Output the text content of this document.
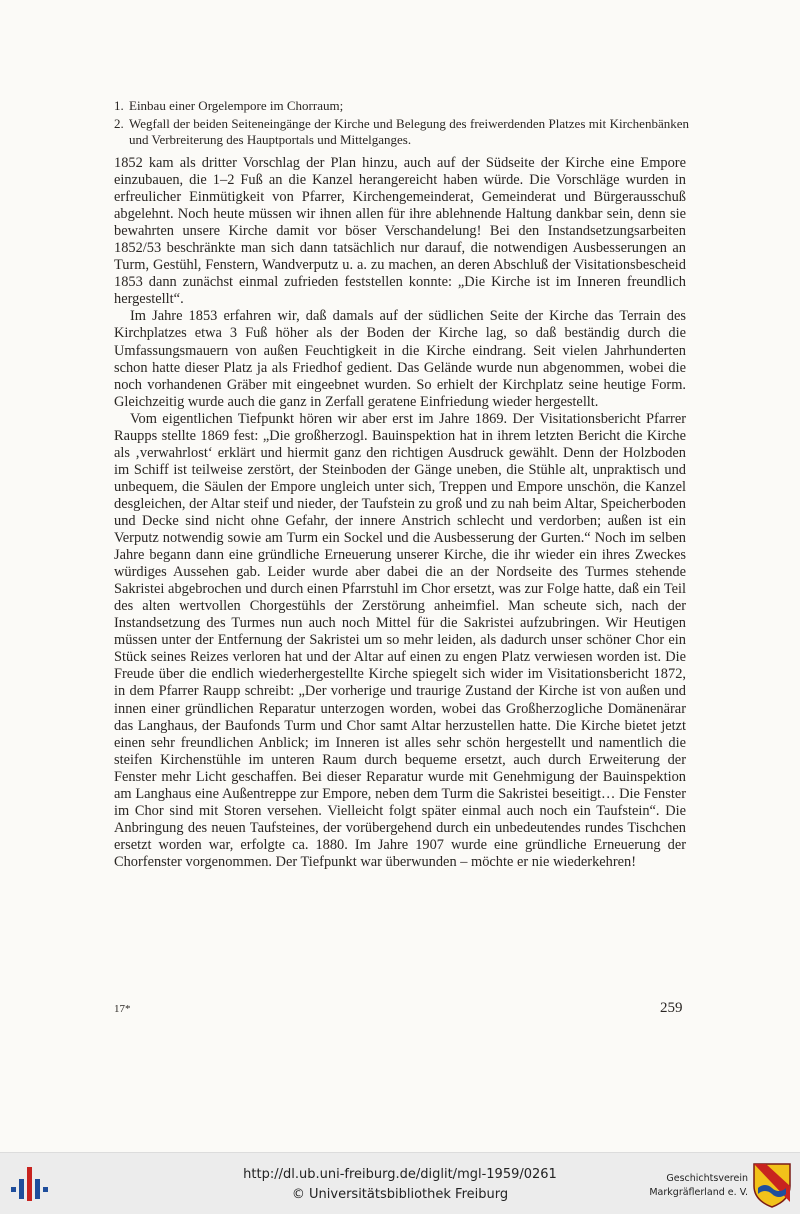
1. Einbau einer Orgelempore im Chorraum;
2. Wegfall der beiden Seiteneingänge der Kirche und Belegung des freiwerdenden Platzes mit Kirchenbänken und Verbreiterung des Hauptportals und Mittelganges.

1852 kam als dritter Vorschlag der Plan hinzu, auch auf der Südseite der Kirche eine Empore einzubauen, die 1–2 Fuß an die Kanzel herangereicht haben würde. Die Vorschläge wurden in erfreulicher Einmütigkeit von Pfarrer, Kirchengemeinderat, Gemeinderat und Bürgerausschuß abgelehnt. Noch heute müssen wir ihnen allen für ihre ablehnende Haltung dankbar sein, denn sie bewahrten unsere Kirche damit vor böser Verschandelung! Bei den Instandsetzungsarbeiten 1852/53 beschränkte man sich dann tatsächlich nur darauf, die notwendigen Ausbesserungen an Turm, Gestühl, Fenstern, Wandverputz u. a. zu machen, an deren Abschluß der Visitationsbescheid 1853 dann zunächst einmal zufrieden feststellen konnte: „Die Kirche ist im Inneren freundlich hergestellt“.

Im Jahre 1853 erfahren wir, daß damals auf der südlichen Seite der Kirche das Terrain des Kirchplatzes etwa 3 Fuß höher als der Boden der Kirche lag, so daß beständig durch die Umfassungsmauern von außen Feuchtigkeit in die Kirche eindrang. Seit vielen Jahrhunderten schon hatte dieser Platz ja als Friedhof gedient. Das Gelände wurde nun abgenommen, wobei die noch vorhandenen Gräber mit eingeebnet wurden. So erhielt der Kirchplatz seine heutige Form. Gleichzeitig wurde auch die ganz in Zerfall geratene Einfriedung wieder hergestellt.

Vom eigentlichen Tiefpunkt hören wir aber erst im Jahre 1869. Der Visitationsbericht Pfarrer Raupps stellte 1869 fest: „Die großherzogl. Bauinspektion hat in ihrem letzten Bericht die Kirche als ‚verwahrlost‘ erklärt und hiermit ganz den richtigen Ausdruck gewählt. Denn der Holzboden im Schiff ist teilweise zerstört, der Steinboden der Gänge uneben, die Stühle alt, unpraktisch und unbequem, die Säulen der Empore ungleich unter sich, Treppen und Empore unschön, die Kanzel desgleichen, der Altar steif und nieder, der Taufstein zu groß und zu nah beim Altar, Speicherboden und Decke sind nicht ohne Gefahr, der innere Anstrich schlecht und verdorben; außen ist ein Verputz notwendig sowie am Turm ein Sockel und die Ausbesserung der Gurten.“ Noch im selben Jahre begann dann eine gründliche Erneuerung unserer Kirche, die ihr wieder ein ihres Zweckes würdiges Aussehen gab. Leider wurde aber dabei die an der Nordseite des Turmes stehende Sakristei abgebrochen und durch einen Pfarrstuhl im Chor ersetzt, was zur Folge hatte, daß ein Teil des alten wertvollen Chorgestühls der Zerstörung anheimfiel. Man scheute sich, nach der Instandsetzung des Turmes nun auch noch Mittel für die Sakristei aufzubringen. Wir Heutigen müssen unter der Entfernung der Sakristei um so mehr leiden, als dadurch unser schöner Chor ein Stück seines Reizes verloren hat und der Altar auf einen zu engen Platz verwiesen worden ist. Die Freude über die endlich wiederhergestellte Kirche spiegelt sich wider im Visitationsbericht 1872, in dem Pfarrer Raupp schreibt: „Der vorherige und traurige Zustand der Kirche ist von außen und innen einer gründlichen Reparatur unterzogen worden, wobei das Großherzogliche Domänenärar das Langhaus, der Baufonds Turm und Chor samt Altar herzustellen hatte. Die Kirche bietet jetzt einen sehr freundlichen Anblick; im Inneren ist alles sehr schön hergestellt und namentlich die steifen Kirchenstühle im unteren Raum durch bequeme ersetzt, auch durch Erweiterung der Fenster mehr Licht geschaffen. Bei dieser Reparatur wurde mit Genehmigung der Bauinspektion am Langhaus eine Außentreppe zur Empore, neben dem Turm die Sakristei beseitigt… Die Fenster im Chor sind mit Storen versehen. Vielleicht folgt später einmal auch noch ein Taufstein“. Die Anbringung des neuen Taufsteines, der vorübergehend durch ein unbedeutendes rundes Tischchen ersetzt worden war, erfolgte ca. 1880. Im Jahre 1907 wurde eine gründliche Erneuerung der Chorfenster vorgenommen. Der Tiefpunkt war überwunden – möchte er nie wiederkehren!

17*	259
http://dl.ub.uni-freiburg.de/diglit/mgl-1959/0261
© Universitätsbibliothek Freiburg
Geschichtsverein
Markgräflerland e. V.
